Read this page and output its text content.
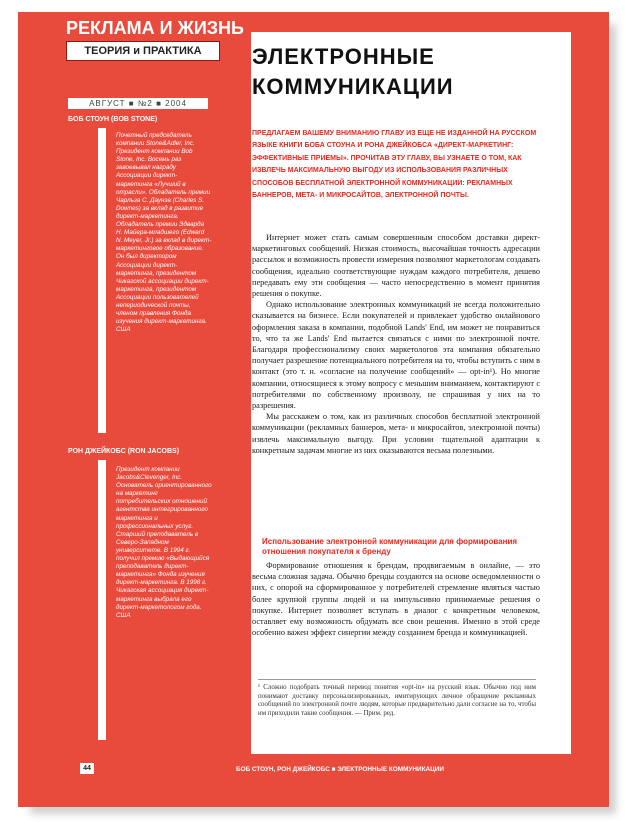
РЕКЛАМА И ЖИЗНЬ
ТЕОРИЯ и ПРАКТИКА
АВГУСТ ■ №2 ■ 2004
БОБ СТОУН (BOB STONE)
Почетный председатель компании Stone&Adler, Inc. Президент компании Bob Stone, Inc. Восемь раз завоевывал награду Ассоциации директ-маркетинга «Лучший в отрасли». Обладатель премии Чарльза С. Даунза (Charles S. Downes) за вклад в развитие директ-маркетинга. Обладатель премии Эдварда Н. Майера-младшего (Edward N. Meyer, Jr.) за вклад в директ-маркетинговое образование. Он был директором Ассоциации директ-маркетинга, президентом Чикагской ассоциации директ-маркетинга, президентом Ассоциации пользователей непериодической почты, членом правления Фонда изучения директ-маркетинга. США
РОН ДЖЕЙКОБС (RON JACOBS)
Президент компании Jacobs&Clevenger, Inc. Основатель ориентированного на маркетинг потребительских отношений агентства интегрированного маркетинга и профессиональных услуг. Старший преподаватель в Северо-Западном университете. В 1994 г. получил премию «Выдающийся преподаватель директ-маркетинга» Фонда изучения директ-маркетинга. В 1998 г. Чикагская ассоциация директ-маркетинга выбрала его директ-маркетологом года. США
ЭЛЕКТРОННЫЕ КОММУНИКАЦИИ
ПРЕДЛАГАЕМ ВАШЕМУ ВНИМАНИЮ ГЛАВУ ИЗ ЕЩЕ НЕ ИЗДАННОЙ НА РУССКОМ ЯЗЫКЕ КНИГИ БОБА СТОУНА И РОНА ДЖЕЙКОБСА «ДИРЕКТ-МАРКЕТИНГ: ЭФФЕКТИВНЫЕ ПРИЕМЫ». ПРОЧИТАВ ЭТУ ГЛАВУ, ВЫ УЗНАЕТЕ О ТОМ, КАК ИЗВЛЕЧЬ МАКСИМАЛЬНУЮ ВЫГОДУ ИЗ ИСПОЛЬЗОВАНИЯ РАЗЛИЧНЫХ СПОСОБОВ БЕСПЛАТНОЙ ЭЛЕКТРОННОЙ КОММУНИКАЦИИ: РЕКЛАМНЫХ БАННЕРОВ, МЕТА- И МИКРОСАЙТОВ, ЭЛЕКТРОННОЙ ПОЧТЫ.

Интернет может стать самым совершенным способом доставки директ-маркетинговых сообщений. Низкая стоимость, высочайшая точность адресации рассылок и возможность провести измерения позволяют маркетологам создавать сообщения, идеально соответствующие нуждам каждого потребителя, дешево передавать ему эти сообщения — часто непосредственно в момент принятия решения о покупке.

Однако использование электронных коммуникаций не всегда положительно сказывается на бизнесе. Если покупателей и привлекает удобство онлайнового оформления заказа в компании, подобной Lands' End, им может не понравиться то, что та же Lands' End пытается связаться с ними по электронной почте. Благодаря профессионализму своих маркетологов эта компания обязательно получает разрешение потенциального потребителя на то, чтобы вступить с ним в контакт (это т. н. «согласие на получение сообщений» — opt-in¹). Но многие компании, относящиеся к этому вопросу с меньшим вниманием, контактируют с потребителями по собственному произволу, не спрашивая у них на то разрешения.

Мы расскажем о том, как из различных способов бесплатной электронной коммуникации (рекламных баннеров, мета- и микросайтов, электронной почты) извлечь максимальную выгоду. При условии тщательной адаптации к конкретным задачам многие из них оказываются весьма полезными.

Использование электронной коммуникации для формирования отношения покупателя к бренду

Формирование отношения к брендам, продвигаемым в онлайне, — это весьма сложная задача. Обычно бренды создаются на основе осведомленности о них, с опорой на сформированное у потребителей стремление являться частью более крупной группы людей и на импульсивно принимаемые решения о покупке. Интернет позволяет вступать в диалог с конкретным человеком, оставляет ему возможность обдумать все свои решения. Именно в этой среде особенно важен эффект синергии между созданием бренда и коммуникацией.

¹ Сложно подобрать точный перевод понятия «opt-in» на русский язык. Обычно под ним понимают доставку персонализированных, имитирующих личное обращение рекламных сообщений по электронной почте людям, которые предварительно дали согласие на то, чтобы им приходили такие сообщения. — Прим. ред.
44	БОБ СТОУН, РОН ДЖЕЙКОБС ■ ЭЛЕКТРОННЫЕ КОММУНИКАЦИИ
